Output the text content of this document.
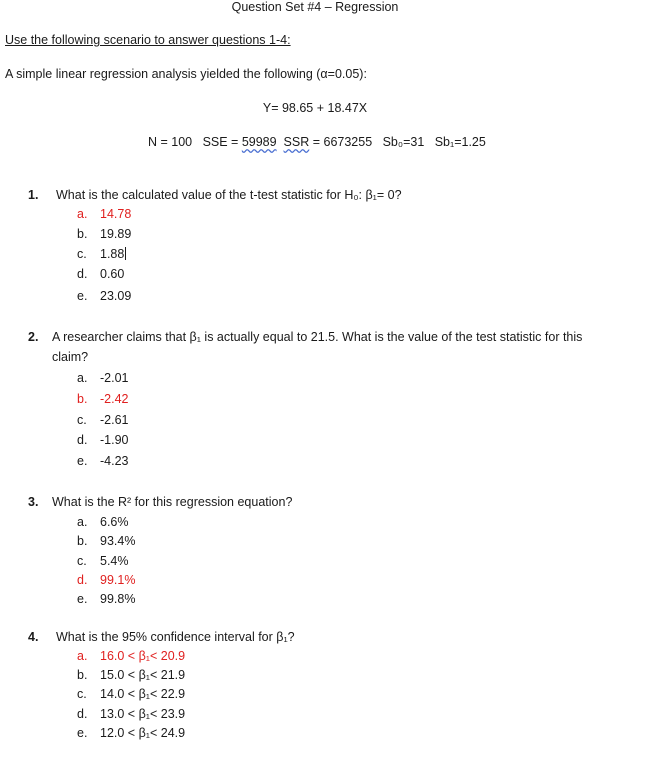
Question Set #4 – Regression
Use the following scenario to answer questions 1-4:
A simple linear regression analysis yielded the following (α=0.05):
Y= 98.65 + 18.47X
N = 100 SSE = 59989 SSR = 6673255 Sb₀=31 Sb₁=1.25
1. What is the calculated value of the t-test statistic for H₀: β₁= 0?
a. 14.78
b. 19.89
c. 1.88
d. 0.60
e. 23.09
2. A researcher claims that β₁ is actually equal to 21.5. What is the value of the test statistic for this
claim?
a. -2.01
b. -2.42
c. -2.61
d. -1.90
e. -4.23
3. What is the R² for this regression equation?
a. 6.6%
b. 93.4%
c. 5.4%
d. 99.1%
e. 99.8%
4. What is the 95% confidence interval for β₁?
a. 16.0 < β₁< 20.9
b. 15.0 < β₁< 21.9
c. 14.0 < β₁< 22.9
d. 13.0 < β₁< 23.9
e. 12.0 < β₁< 24.9
